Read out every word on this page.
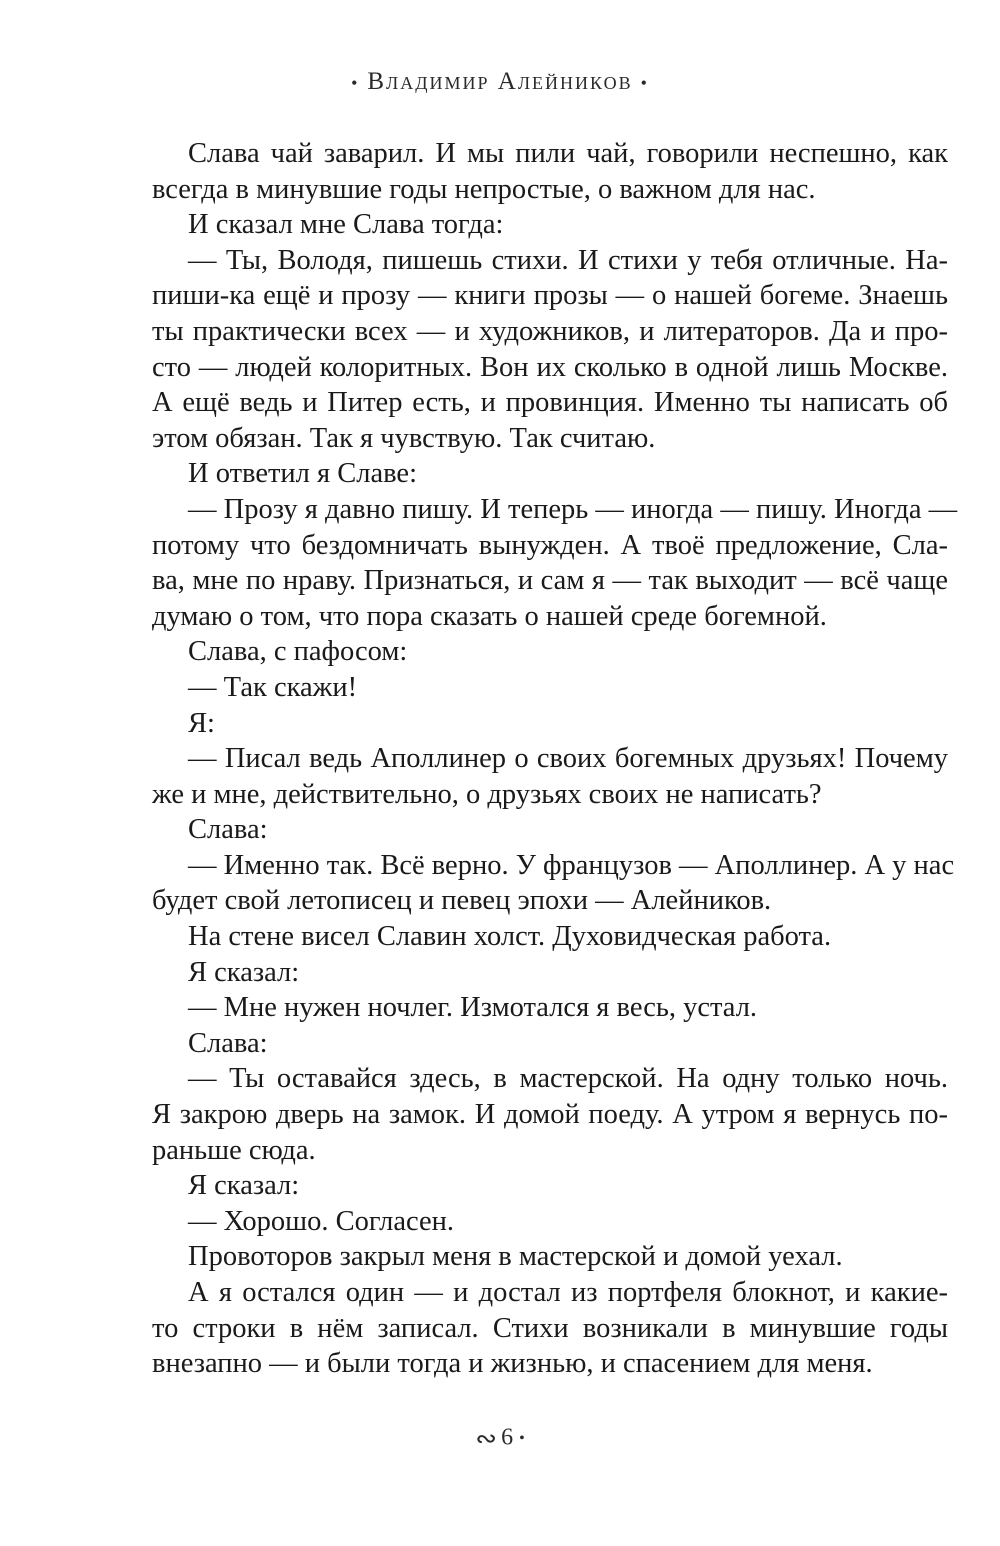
• Владимир Алейников •
Слава чай заварил. И мы пили чай, говорили неспешно, как
всегда в минувшие годы непростые, о важном для нас.
И сказал мне Слава тогда:
— Ты, Володя, пишешь стихи. И стихи у тебя отличные. На-
пиши-ка ещё и прозу — книги прозы — о нашей богеме. Знаешь
ты практически всех — и художников, и литераторов. Да и про-
сто — людей колоритных. Вон их сколько в одной лишь Москве.
А ещё ведь и Питер есть, и провинция. Именно ты написать об
этом обязан. Так я чувствую. Так считаю.
И ответил я Славе:
— Прозу я давно пишу. И теперь — иногда — пишу. Иногда —
потому что бездомничать вынужден. А твоё предложение, Сла-
ва, мне по нраву. Признаться, и сам я — так выходит — всё чаще
думаю о том, что пора сказать о нашей среде богемной.
Слава, с пафосом:
— Так скажи!
Я:
— Писал ведь Аполлинер о своих богемных друзьях! Почему
же и мне, действительно, о друзьях своих не написать?
Слава:
— Именно так. Всё верно. У французов — Аполлинер. А у нас
будет свой летописец и певец эпохи — Алейников.
На стене висел Славин холст. Духовидческая работа.
Я сказал:
— Мне нужен ночлег. Измотался я весь, устал.
Слава:
— Ты оставайся здесь, в мастерской. На одну только ночь.
Я закрою дверь на замок. И домой поеду. А утром я вернусь по-
раньше сюда.
Я сказал:
— Хорошо. Согласен.
Провоторов закрыл меня в мастерской и домой уехал.
А я остался один — и достал из портфеля блокнот, и какие-
то строки в нём записал. Стихи возникали в минувшие годы
внезапно — и были тогда и жизнью, и спасением для меня.
∾ 6 •
